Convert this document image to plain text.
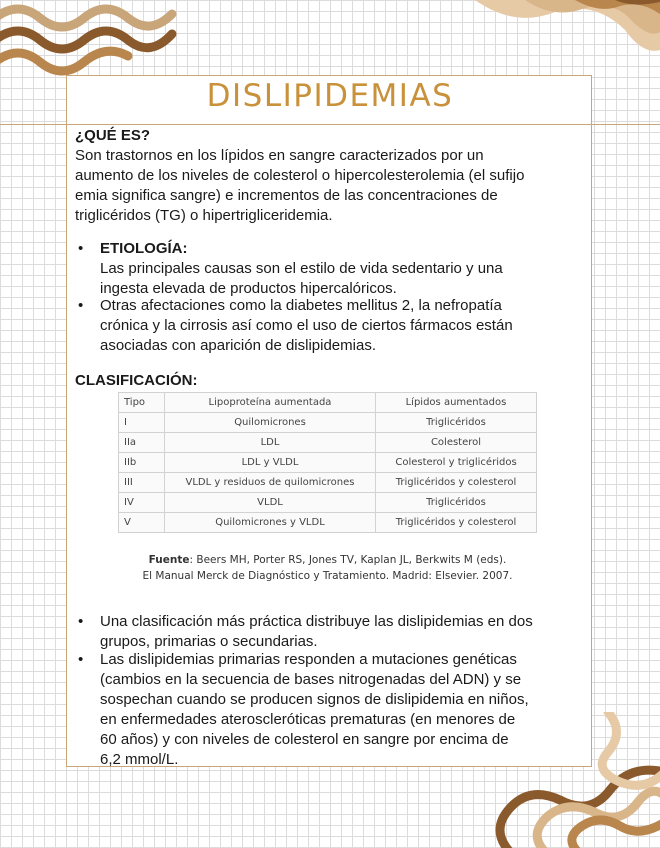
DISLIPIDEMIAS
¿QUÉ ES?
Son trastornos en los lípidos en sangre caracterizados por un
aumento de los niveles de colesterol o hipercolesterolemia (el sufijo
emia significa sangre) e incrementos de las concentraciones de
triglicéridos (TG) o hipertrigliceridemia.
• ETIOLOGÍA:
Las principales causas son el estilo de vida sedentario y una
ingesta elevada de productos hipercalóricos.
• Otras afectaciones como la diabetes mellitus 2, la nefropatía
crónica y la cirrosis así como el uso de ciertos fármacos están
asociadas con aparición de dislipidemias.
CLASIFICACIÓN:
Tipo	Lipoproteína aumentada	Lípidos aumentados
I	Quilomicrones	Triglicéridos
IIa	LDL	Colesterol
IIb	LDL y VLDL	Colesterol y triglicéridos
III	VLDL y residuos de quilomicrones	Triglicéridos y colesterol
IV	VLDL	Triglicéridos
V	Quilomicrones y VLDL	Triglicéridos y colesterol
Fuente: Beers MH, Porter RS, Jones TV, Kaplan JL, Berkwits M (eds).
El Manual Merck de Diagnóstico y Tratamiento. Madrid: Elsevier. 2007.
• Una clasificación más práctica distribuye las dislipidemias en dos
grupos, primarias o secundarias.
• Las dislipidemias primarias responden a mutaciones genéticas
(cambios en la secuencia de bases nitrogenadas del ADN) y se
sospechan cuando se producen signos de dislipidemia en niños,
en enfermedades ateroscleróticas prematuras (en menores de
60 años) y con niveles de colesterol en sangre por encima de
6,2 mmol/L.
